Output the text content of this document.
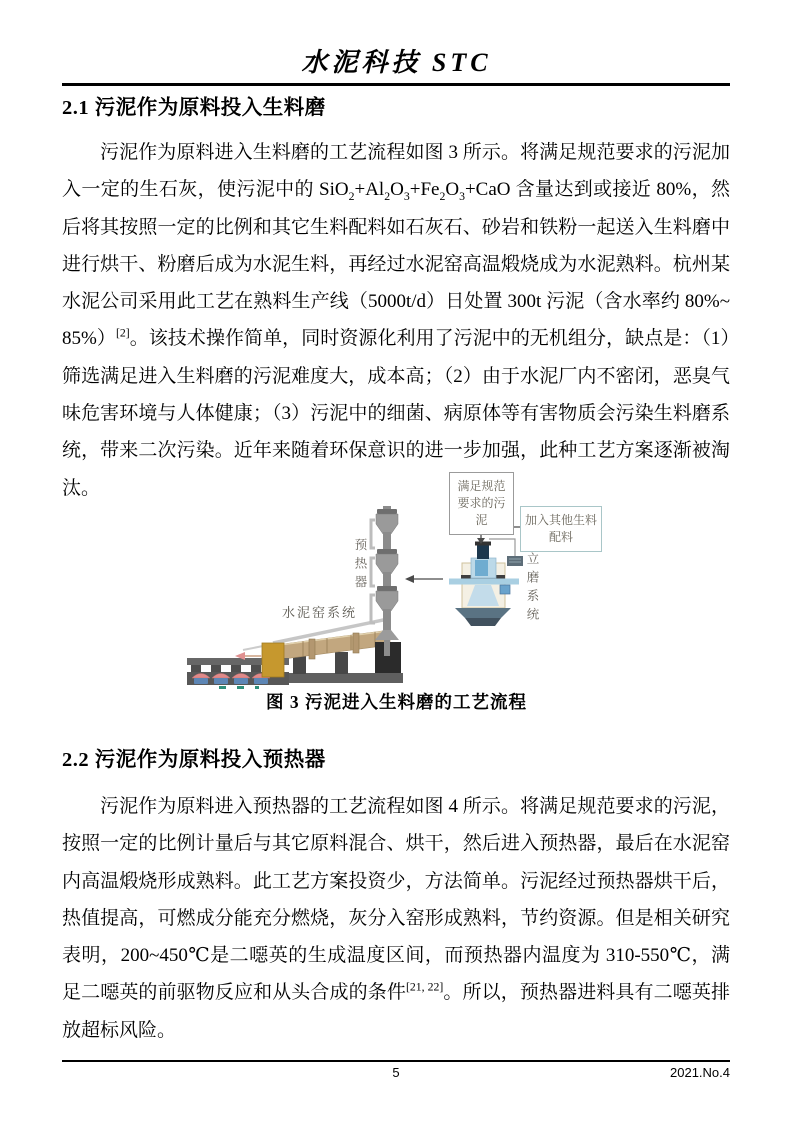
水泥科技 STC
2.1 污泥作为原料投入生料磨
污泥作为原料进入生料磨的工艺流程如图 3 所示。将满足规范要求的污泥加入一定的生石灰，使污泥中的 $SiO_2+Al_2O_3+Fe_2O_3+CaO$ 含量达到或接近 80%，然后将其按照一定的比例和其它生料配料如石灰石、砂岩和铁粉一起送入生料磨中进行烘干、粉磨后成为水泥生料，再经过水泥窑高温煅烧成为水泥熟料。杭州某水泥公司采用此工艺在熟料生产线（5000t/d）日处置 300t 污泥（含水率约 80%~85%）[2]。该技术操作简单，同时资源化利用了污泥中的无机组分，缺点是：（1）筛选满足进入生料磨的污泥难度大，成本高；（2）由于水泥厂内不密闭，恶臭气味危害环境与人体健康；（3）污泥中的细菌、病原体等有害物质会污染生料磨系统，带来二次污染。近年来随着环保意识的进一步加强，此种工艺方案逐渐被淘汰。	满足规范要求的污泥	加入其他生料配料
预热器	立磨系统
水泥窑系统
图 3 污泥进入生料磨的工艺流程
2.2 污泥作为原料投入预热器
污泥作为原料进入预热器的工艺流程如图 4 所示。将满足规范要求的污泥，按照一定的比例计量后与其它原料混合、烘干，然后进入预热器，最后在水泥窑内高温煅烧形成熟料。此工艺方案投资少，方法简单。污泥经过预热器烘干后，热值提高，可燃成分能充分燃烧，灰分入窑形成熟料，节约资源。但是相关研究表明，200~450℃是二噁英的生成温度区间，而预热器内温度为 310-550℃，满足二噁英的前驱物反应和从头合成的条件[21, 22]。所以，预热器进料具有二噁英排放超标风险。
5	2021.No.4
